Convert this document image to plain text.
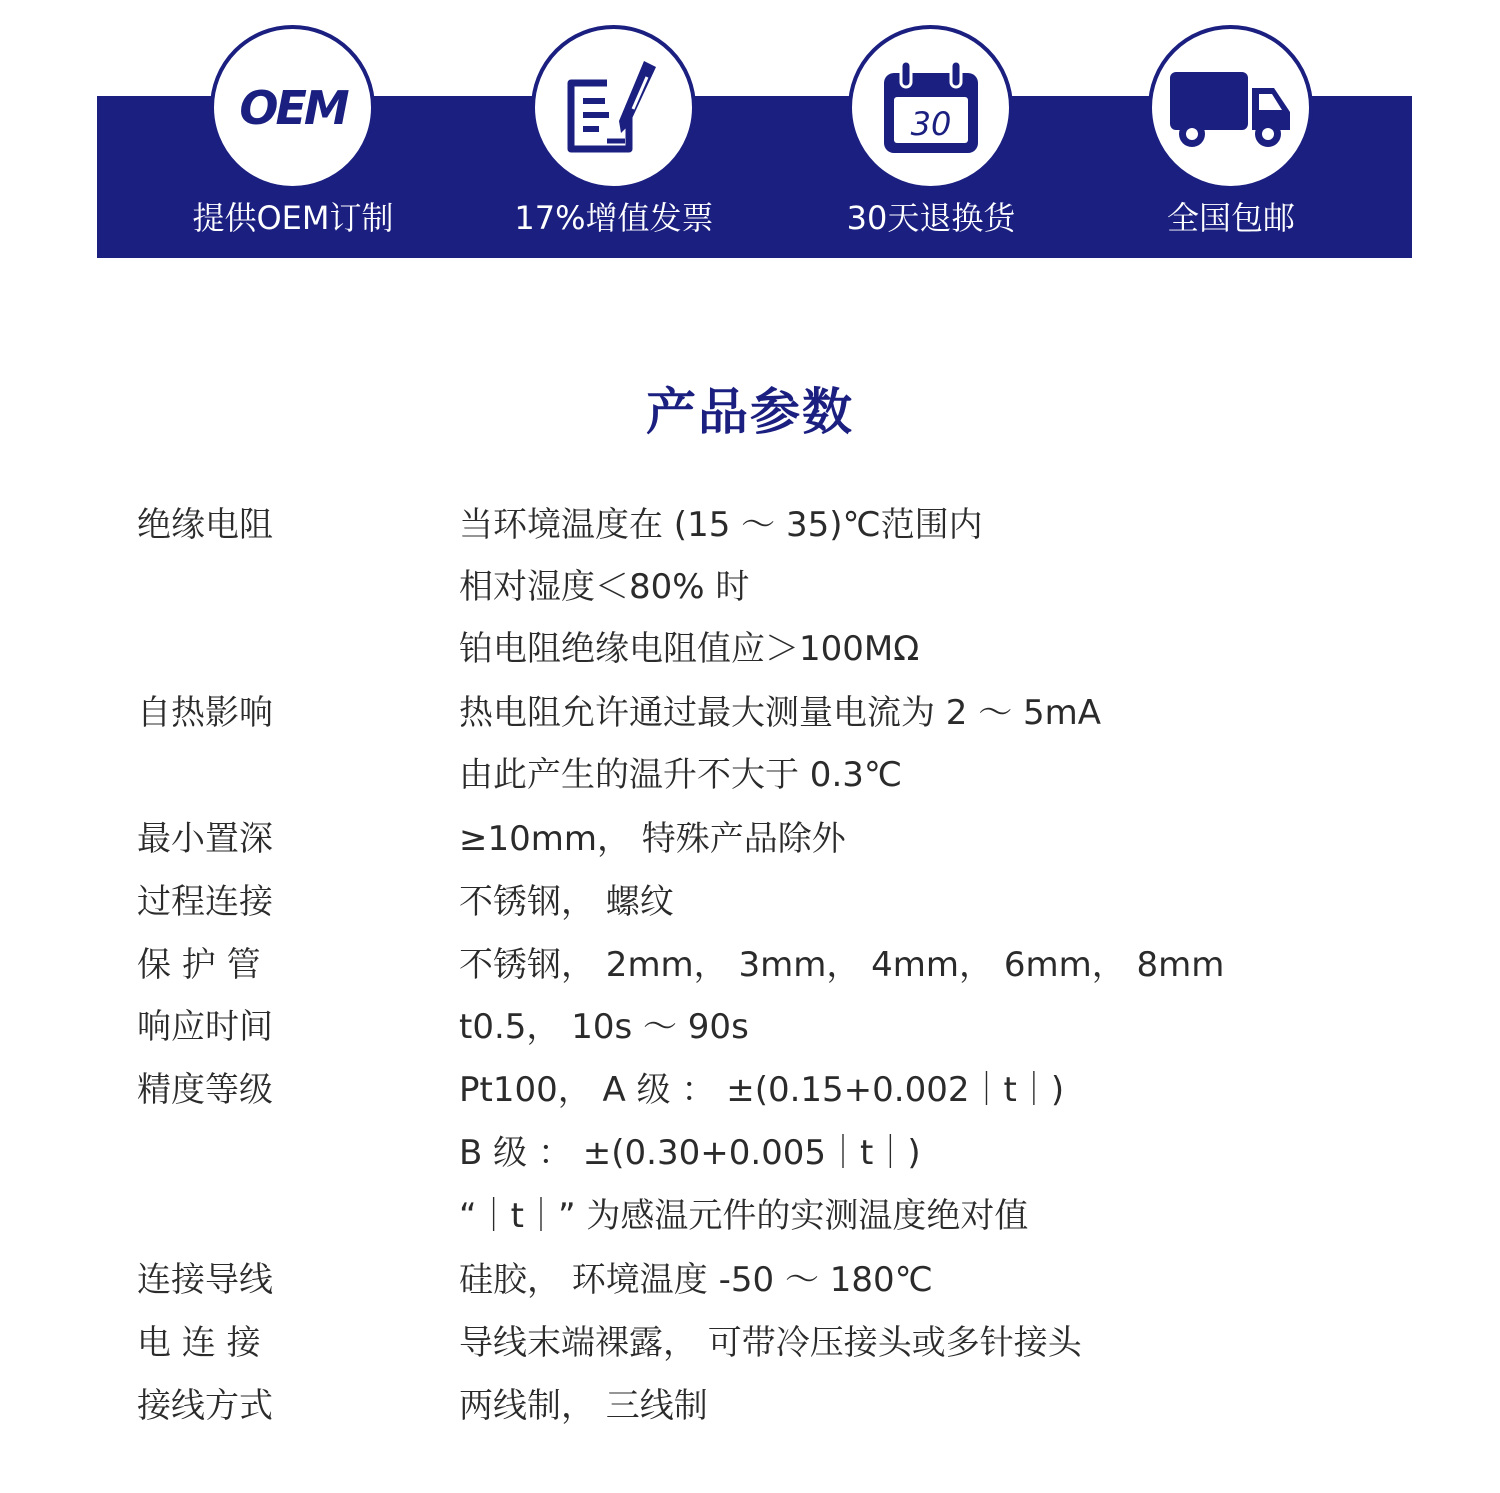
OEM
提供OEM订制	17%增值发票
30
30天退换货	全国包邮
产品参数
绝缘电阻	当环境温度在 (15 ～ 35)℃范围内
相对湿度＜80% 时
铂电阻绝缘电阻值应＞100MΩ
自热影响	热电阻允许通过最大测量电流为 2 ～ 5mA
由此产生的温升不大于 0.3℃
最小置深	≥10mm， 特殊产品除外
过程连接	不锈钢， 螺纹
保 护 管	不锈钢， 2mm， 3mm， 4mm， 6mm， 8mm
响应时间	t0.5， 10s ～ 90s
精度等级	Pt100， A 级 ： ±(0.15+0.002｜t｜)
B 级 ： ±(0.30+0.005｜t｜)
“｜t｜” 为感温元件的实测温度绝对值
连接导线	硅胶， 环境温度 -50 ～ 180℃
电 连 接	导线末端裸露， 可带冷压接头或多针接头
接线方式	两线制， 三线制
